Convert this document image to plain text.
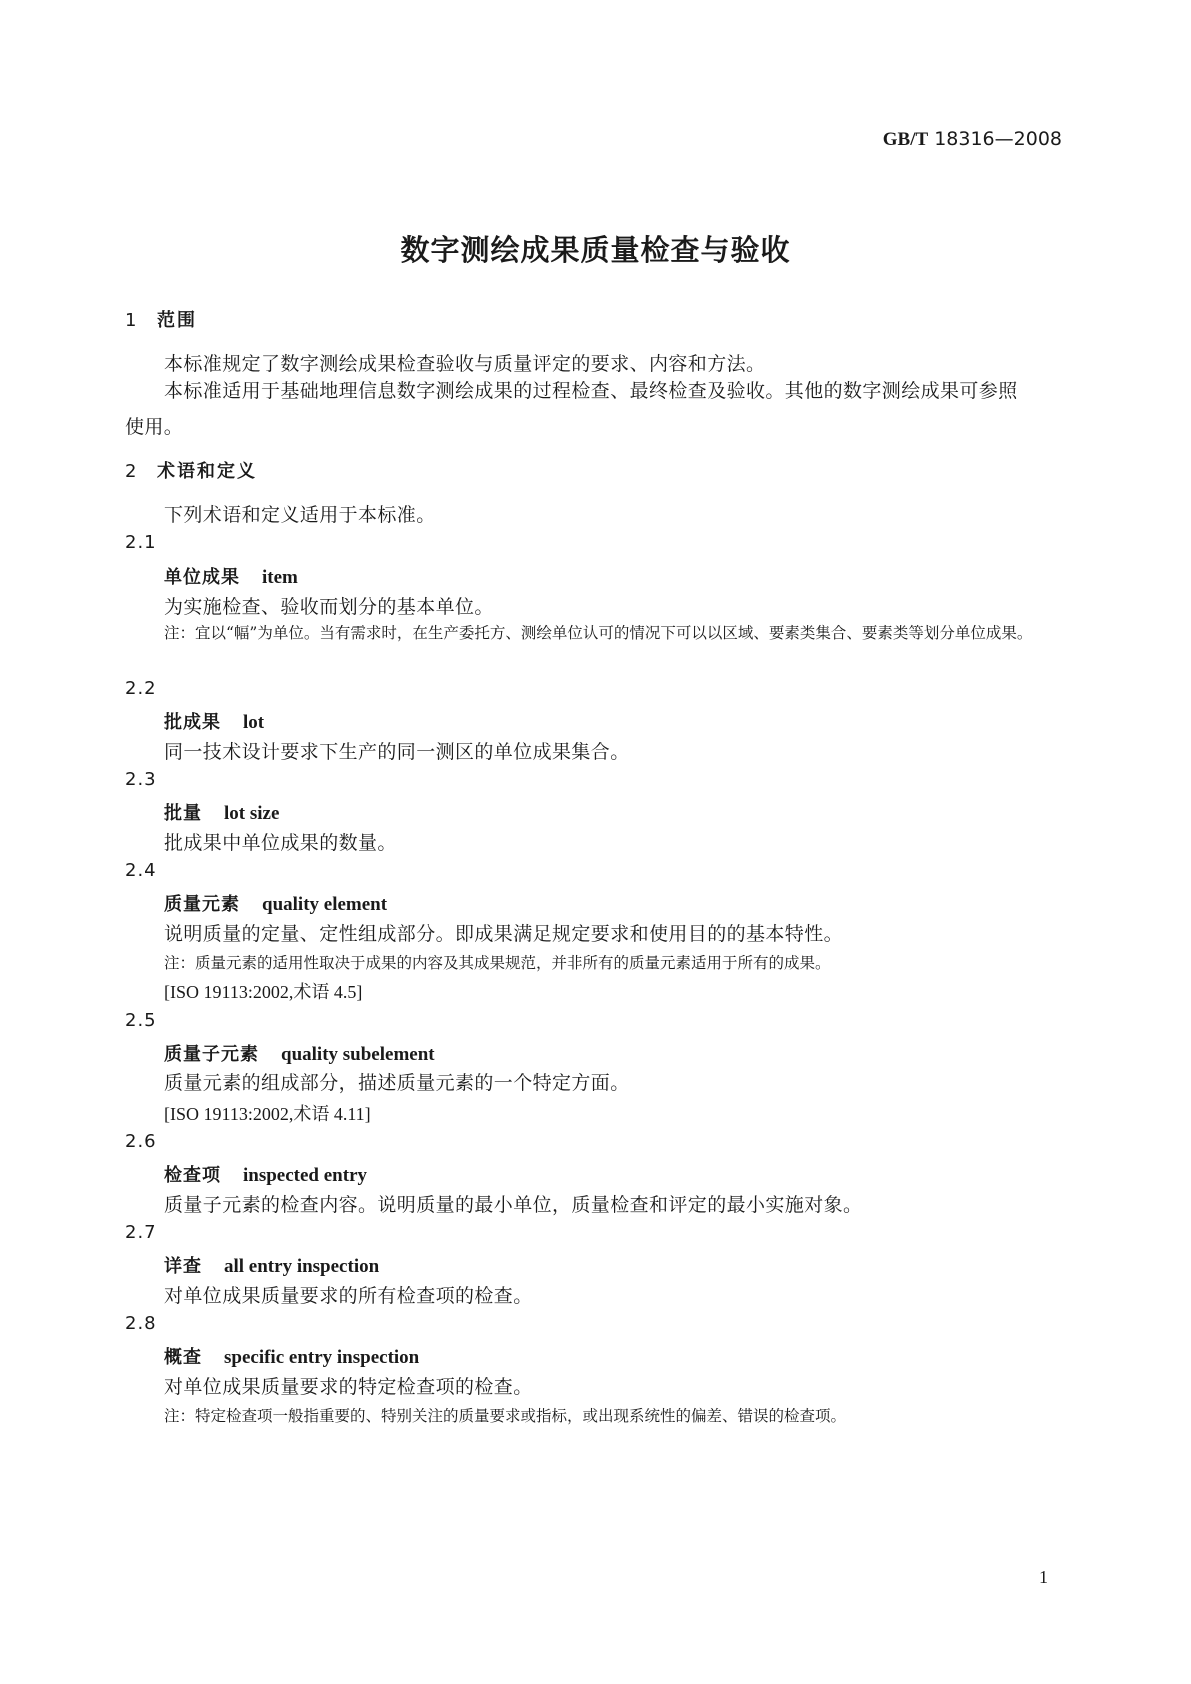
GB/T 18316—2008
数字测绘成果质量检查与验收
1 范围
本标准规定了数字测绘成果检查验收与质量评定的要求、内容和方法。
本标准适用于基础地理信息数字测绘成果的过程检查、最终检查及验收。其他的数字测绘成果可参照使用。
2 术语和定义
下列术语和定义适用于本标准。
2.1
单位成果 item
为实施检查、验收而划分的基本单位。
注：宜以“幅”为单位。当有需求时，在生产委托方、测绘单位认可的情况下可以以区域、要素类集合、要素类等划分单位成果。
2.2
批成果 lot
同一技术设计要求下生产的同一测区的单位成果集合。
2.3
批量 lot size
批成果中单位成果的数量。
2.4
质量元素 quality element
说明质量的定量、定性组成部分。即成果满足规定要求和使用目的的基本特性。
注：质量元素的适用性取决于成果的内容及其成果规范，并非所有的质量元素适用于所有的成果。
[ISO 19113:2002,术语 4.5]
2.5
质量子元素 quality subelement
质量元素的组成部分，描述质量元素的一个特定方面。
[ISO 19113:2002,术语 4.11]
2.6
检查项 inspected entry
质量子元素的检查内容。说明质量的最小单位，质量检查和评定的最小实施对象。
2.7
详查 all entry inspection
对单位成果质量要求的所有检查项的检查。
2.8
概查 specific entry inspection
对单位成果质量要求的特定检查项的检查。
注：特定检查项一般指重要的、特别关注的质量要求或指标，或出现系统性的偏差、错误的检查项。
1
